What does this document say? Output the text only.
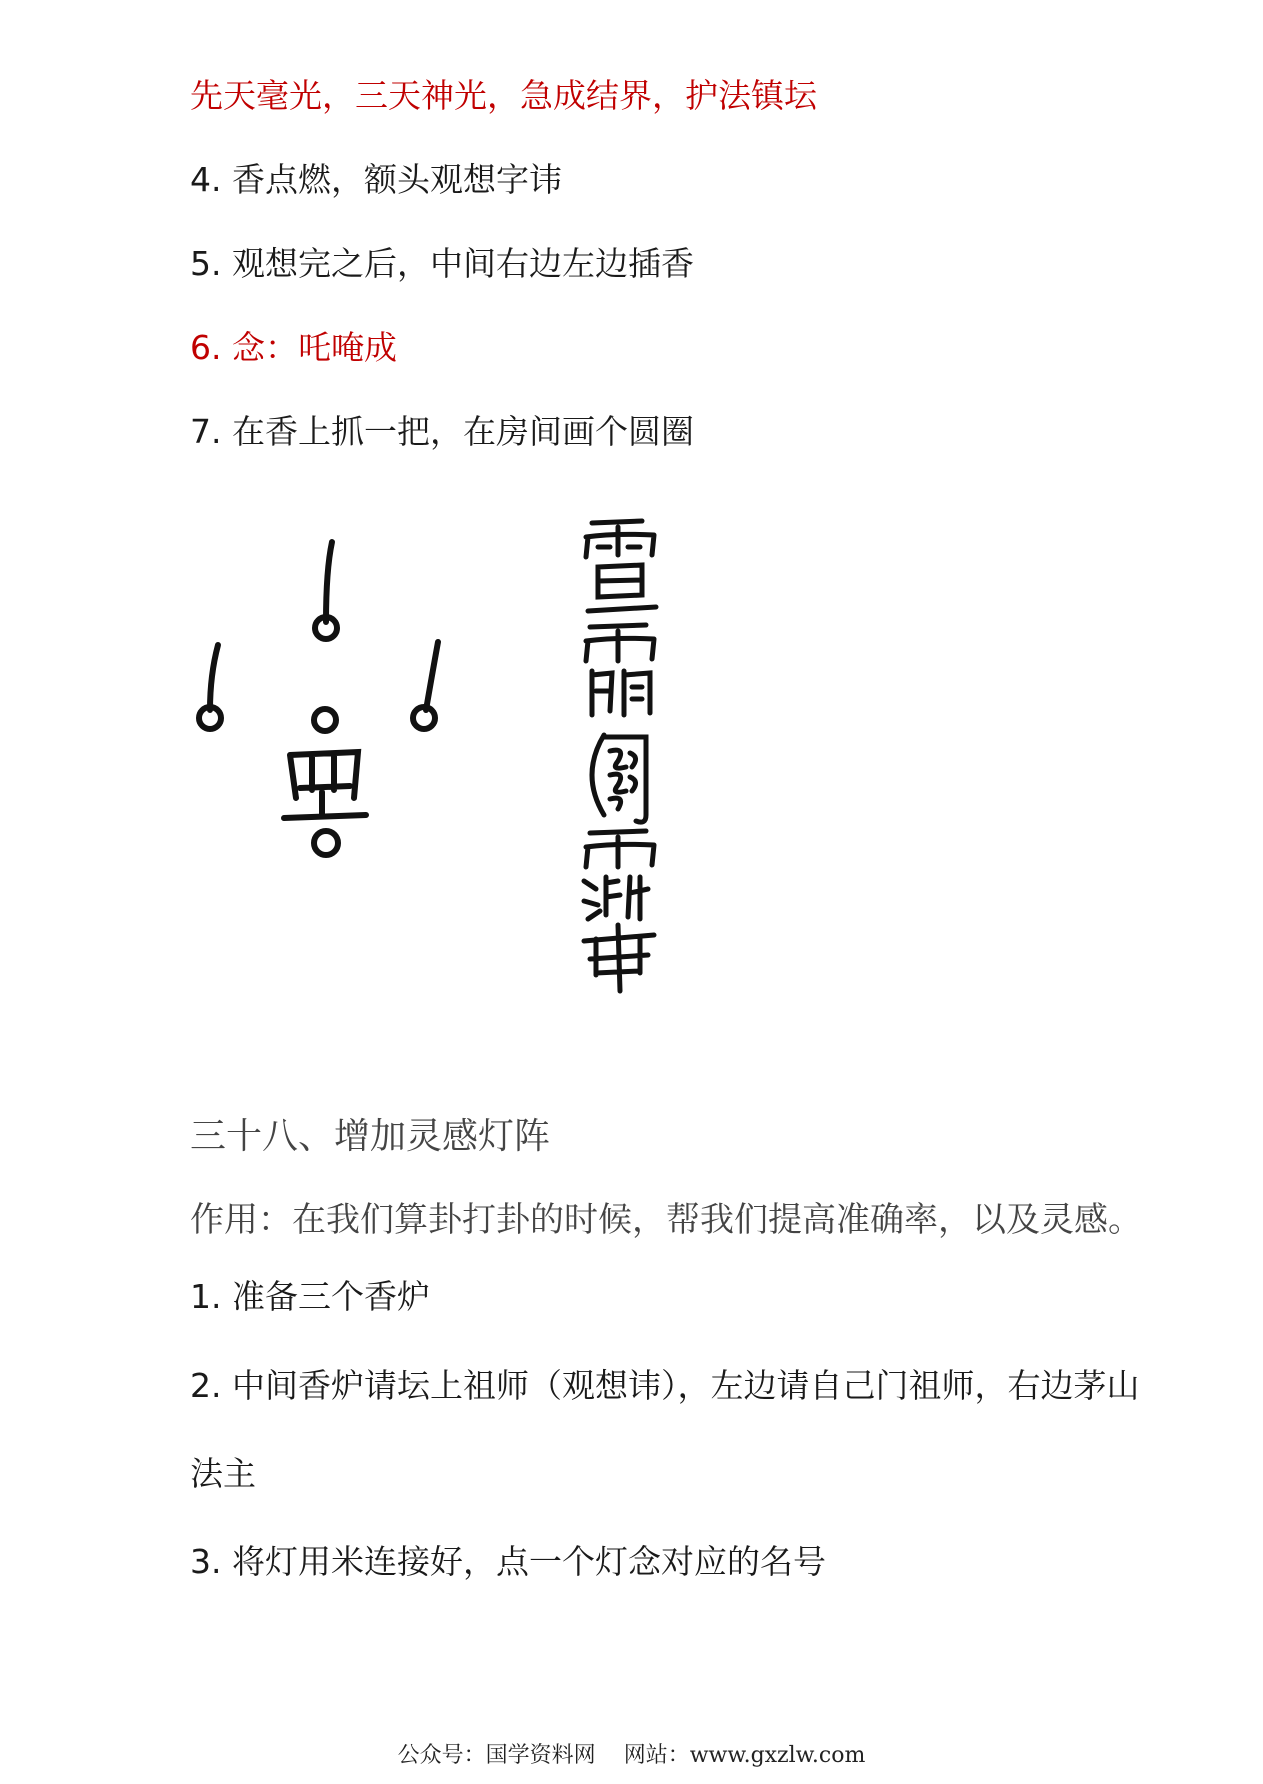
先天毫光，三天神光，急成结界，护法镇坛
4. 香点燃，额头观想字讳
5. 观想完之后，中间右边左边插香
6. 念：吒唵成
7. 在香上抓一把，在房间画个圆圈
三十八、增加灵感灯阵
作用：在我们算卦打卦的时候，帮我们提高准确率，以及灵感。
1. 准备三个香炉
2. 中间香炉请坛上祖师（观想讳），左边请自己门祖师，右边茅山
法主
3. 将灯用米连接好，点一个灯念对应的名号
公众号：国学资料网 网站：www.gxzlw.com
